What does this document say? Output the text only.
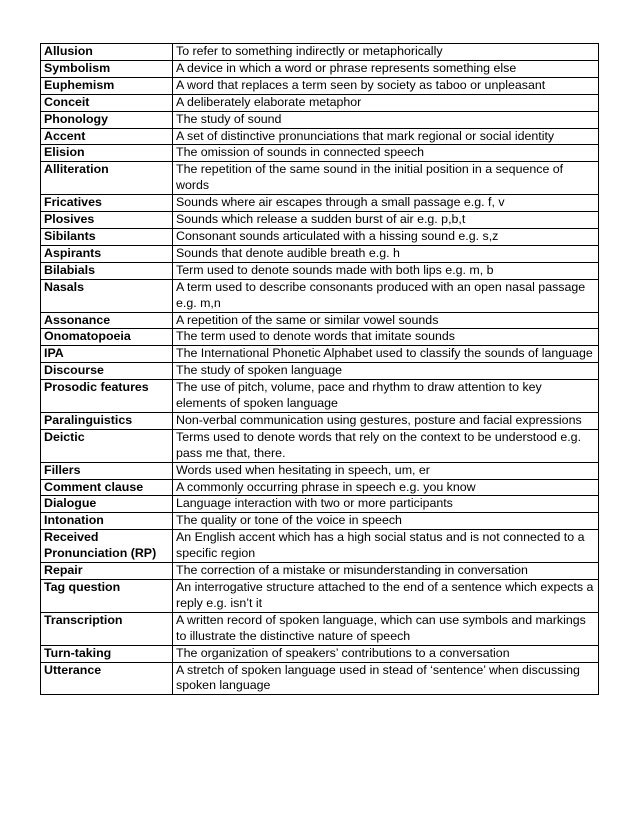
Allusion	To refer to something indirectly or metaphorically
Symbolism	A device in which a word or phrase represents something else
Euphemism	A word that replaces a term seen by society as taboo or unpleasant
Conceit	A deliberately elaborate metaphor
Phonology	The study of sound
Accent	A set of distinctive pronunciations that mark regional or social identity
Elision	The omission of sounds in connected speech
Alliteration	The repetition of the same sound in the initial position in a sequence of words
Fricatives	Sounds where air escapes through a small passage e.g. f, v
Plosives	Sounds which release a sudden burst of air e.g. p,b,t
Sibilants	Consonant sounds articulated with a hissing sound e.g. s,z
Aspirants	Sounds that denote audible breath e.g. h
Bilabials	Term used to denote sounds made with both lips e.g. m, b
Nasals	A term used to describe consonants produced with an open nasal passage e.g. m,n
Assonance	A repetition of the same or similar vowel sounds
Onomatopoeia	The term used to denote words that imitate sounds
IPA	The International Phonetic Alphabet used to classify the sounds of language
Discourse	The study of spoken language
Prosodic features	The use of pitch, volume, pace and rhythm to draw attention to key elements of spoken language
Paralinguistics	Non-verbal communication using gestures, posture and facial expressions
Deictic	Terms used to denote words that rely on the context to be understood e.g. pass me that, there.
Fillers	Words used when hesitating in speech, um, er
Comment clause	A commonly occurring phrase in speech e.g. you know
Dialogue	Language interaction with two or more participants
Intonation	The quality or tone of the voice in speech
Received Pronunciation (RP)	An English accent which has a high social status and is not connected to a specific region
Repair	The correction of a mistake or misunderstanding in conversation
Tag question	An interrogative structure attached to the end of a sentence which expects a reply e.g. isn’t it
Transcription	A written record of spoken language, which can use symbols and markings to illustrate the distinctive nature of speech
Turn-taking	The organization of speakers’ contributions to a conversation
Utterance	A stretch of spoken language used in stead of ‘sentence’ when discussing spoken language
